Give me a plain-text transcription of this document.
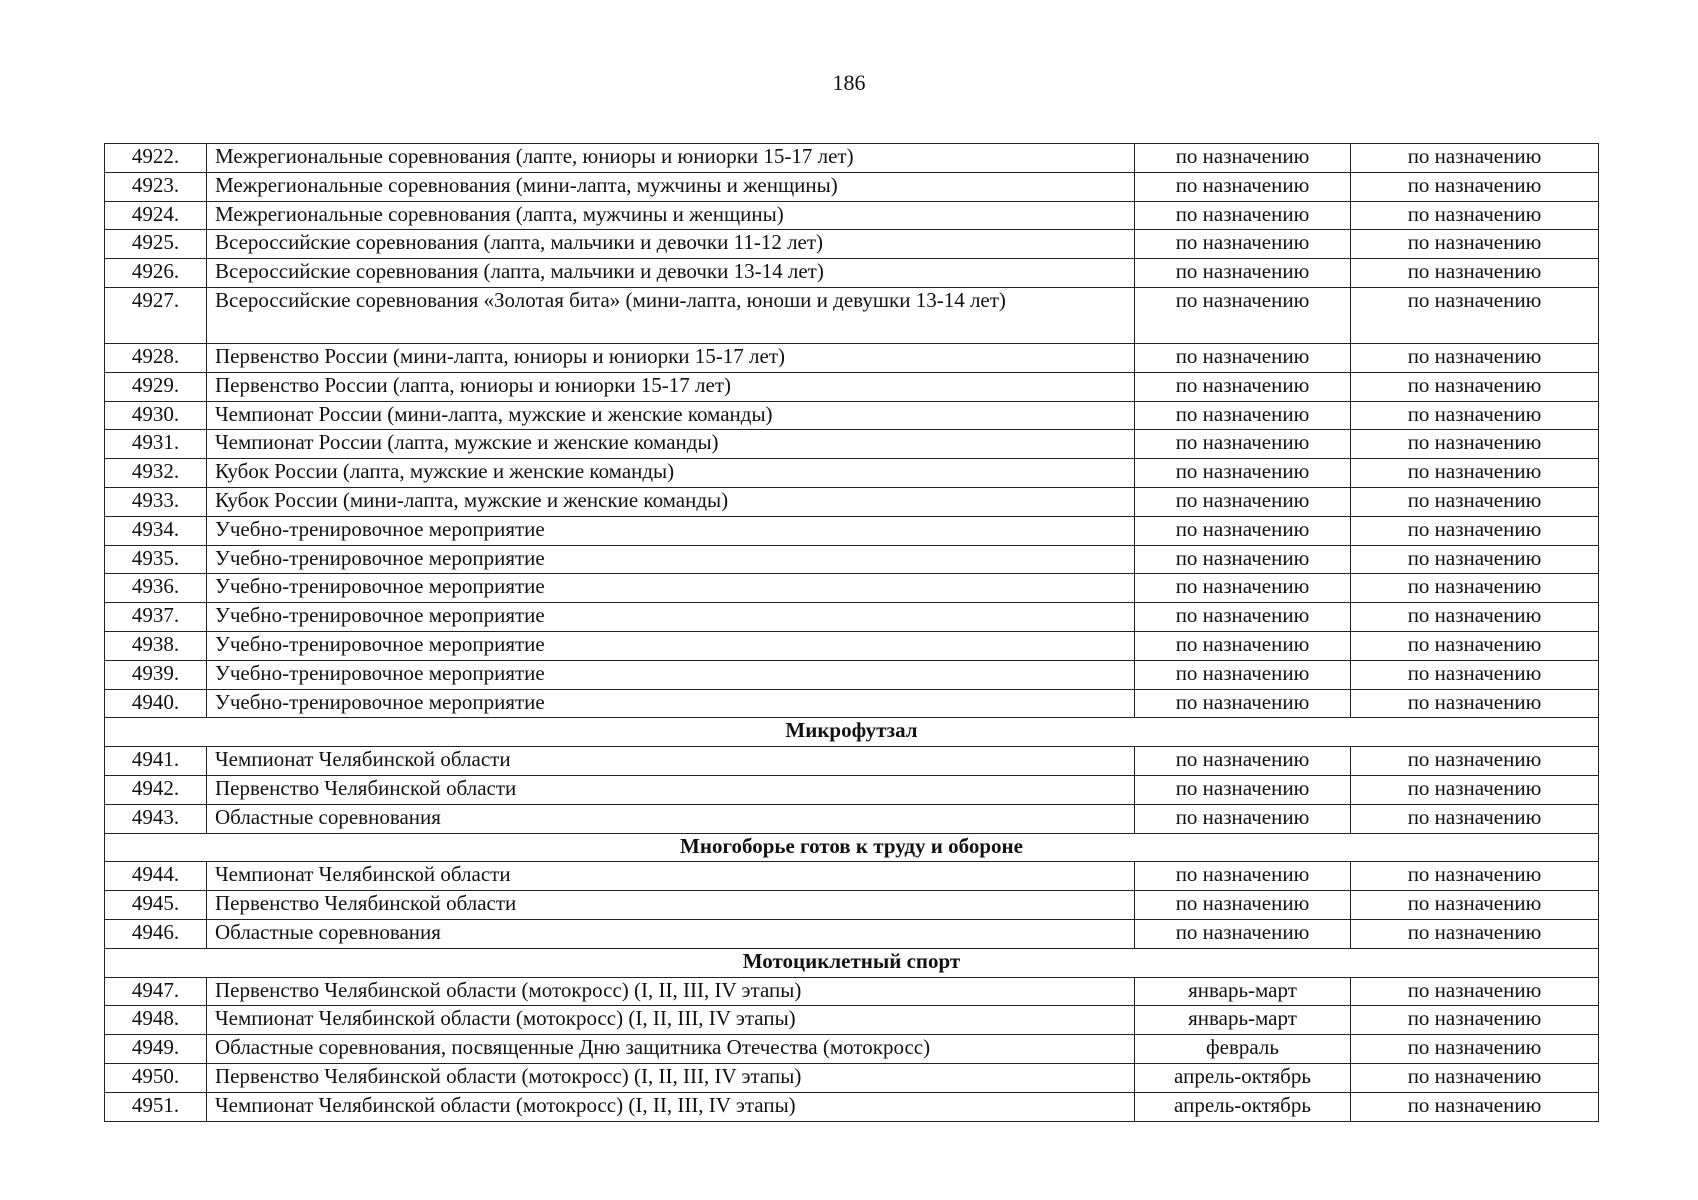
186
4922.	Межрегиональные соревнования (лапте, юниоры и юниорки 15-17 лет)	по назначению	по назначению
4923.	Межрегиональные соревнования (мини-лапта, мужчины и женщины)	по назначению	по назначению
4924.	Межрегиональные соревнования (лапта, мужчины и женщины)	по назначению	по назначению
4925.	Всероссийские соревнования (лапта, мальчики и девочки 11-12 лет)	по назначению	по назначению
4926.	Всероссийские соревнования (лапта, мальчики и девочки 13-14 лет)	по назначению	по назначению
4927.	Всероссийские соревнования «Золотая бита» (мини-лапта, юноши и девушки 13-14 лет)	по назначению	по назначению
4928.	Первенство России (мини-лапта, юниоры и юниорки 15-17 лет)	по назначению	по назначению
4929.	Первенство России (лапта, юниоры и юниорки 15-17 лет)	по назначению	по назначению
4930.	Чемпионат России (мини-лапта, мужские и женские команды)	по назначению	по назначению
4931.	Чемпионат России (лапта, мужские и женские команды)	по назначению	по назначению
4932.	Кубок России (лапта, мужские и женские команды)	по назначению	по назначению
4933.	Кубок России (мини-лапта, мужские и женские команды)	по назначению	по назначению
4934.	Учебно-тренировочное мероприятие	по назначению	по назначению
4935.	Учебно-тренировочное мероприятие	по назначению	по назначению
4936.	Учебно-тренировочное мероприятие	по назначению	по назначению
4937.	Учебно-тренировочное мероприятие	по назначению	по назначению
4938.	Учебно-тренировочное мероприятие	по назначению	по назначению
4939.	Учебно-тренировочное мероприятие	по назначению	по назначению
4940.	Учебно-тренировочное мероприятие	по назначению	по назначению
Микрофутзал			
4941.	Чемпионат Челябинской области	по назначению	по назначению
4942.	Первенство Челябинской области	по назначению	по назначению
4943.	Областные соревнования	по назначению	по назначению
Многоборье готов к труду и обороне			
4944.	Чемпионат Челябинской области	по назначению	по назначению
4945.	Первенство Челябинской области	по назначению	по назначению
4946.	Областные соревнования	по назначению	по назначению
Мотоциклетный спорт			
4947.	Первенство Челябинской области (мотокросс) (I, II, III, IV этапы)	январь-март	по назначению
4948.	Чемпионат Челябинской области (мотокросс) (I, II, III, IV этапы)	январь-март	по назначению
4949.	Областные соревнования, посвященные Дню защитника Отечества (мотокросс)	февраль	по назначению
4950.	Первенство Челябинской области (мотокросс) (I, II, III, IV этапы)	апрель-октябрь	по назначению
4951.	Чемпионат Челябинской области (мотокросс) (I, II, III, IV этапы)	апрель-октябрь	по назначению
